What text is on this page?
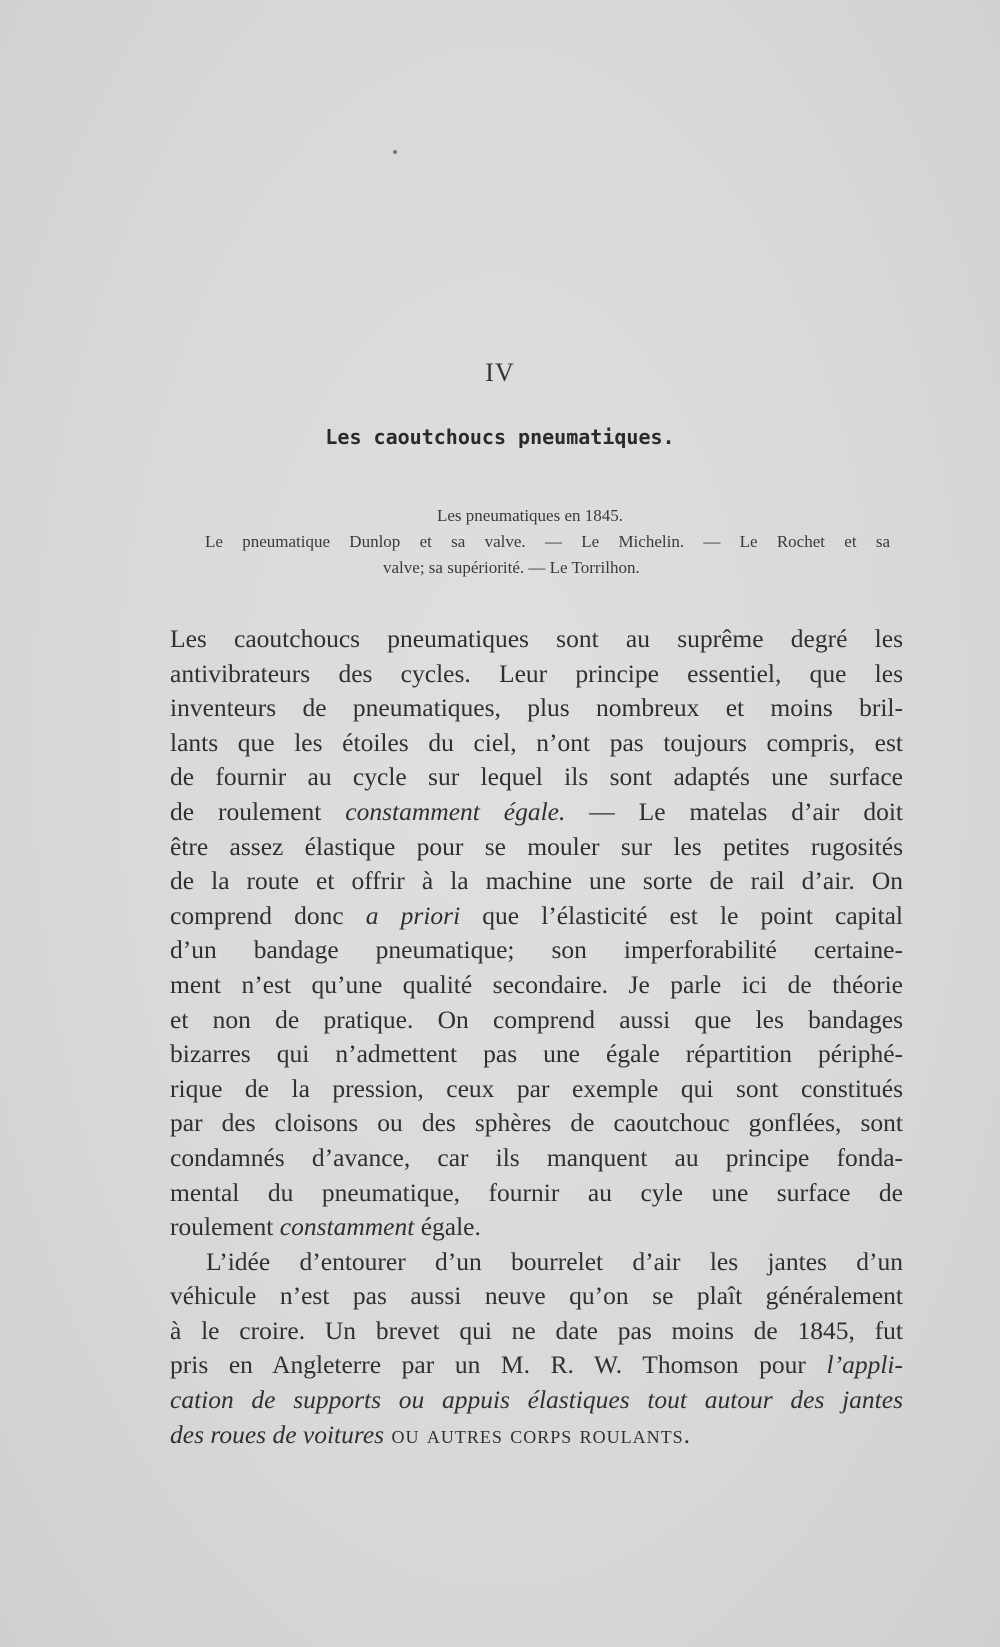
IV
Les caoutchoucs pneumatiques.
Les pneumatiques en 1845.
Le pneumatique Dunlop et sa valve. — Le Michelin. — Le Rochet et sa
valve; sa supériorité. — Le Torrilhon.
Les caoutchoucs pneumatiques sont au suprême degré les
antivibrateurs des cycles. Leur principe essentiel, que les
inventeurs de pneumatiques, plus nombreux et moins bril-
lants que les étoiles du ciel, n’ont pas toujours compris, est
de fournir au cycle sur lequel ils sont adaptés une surface
de roulement constamment égale. — Le matelas d’air doit
être assez élastique pour se mouler sur les petites rugosités
de la route et offrir à la machine une sorte de rail d’air. On
comprend donc a priori que l’élasticité est le point capital
d’un bandage pneumatique; son imperforabilité certaine-
ment n’est qu’une qualité secondaire. Je parle ici de théorie
et non de pratique. On comprend aussi que les bandages
bizarres qui n’admettent pas une égale répartition périphé-
rique de la pression, ceux par exemple qui sont constitués
par des cloisons ou des sphères de caoutchouc gonflées, sont
condamnés d’avance, car ils manquent au principe fonda-
mental du pneumatique, fournir au cyle une surface de
roulement constamment égale.
L’idée d’entourer d’un bourrelet d’air les jantes d’un
véhicule n’est pas aussi neuve qu’on se plaît généralement
à le croire. Un brevet qui ne date pas moins de 1845, fut
pris en Angleterre par un M. R. W. Thomson pour l’appli-
cation de supports ou appuis élastiques tout autour des jantes
des roues de voitures ou autres corps roulants.
